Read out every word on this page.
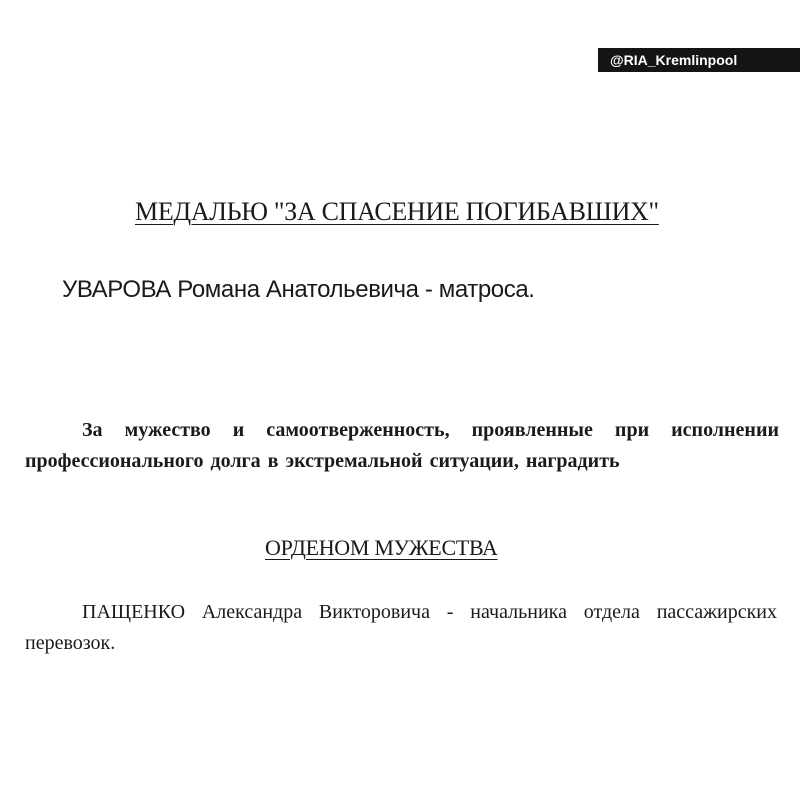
@RIA_Kremlinpool
МЕДАЛЬЮ "ЗА СПАСЕНИЕ ПОГИБАВШИХ"
УВАРОВА Романа Анатольевича - матроса.

За мужество и самоотверженность, проявленные при исполнении профессионального долга в экстремальной ситуации, наградить

ОРДЕНОМ МУЖЕСТВА

ПАЩЕНКО Александра Викторовича - начальника отдела пассажирских перевозок.
